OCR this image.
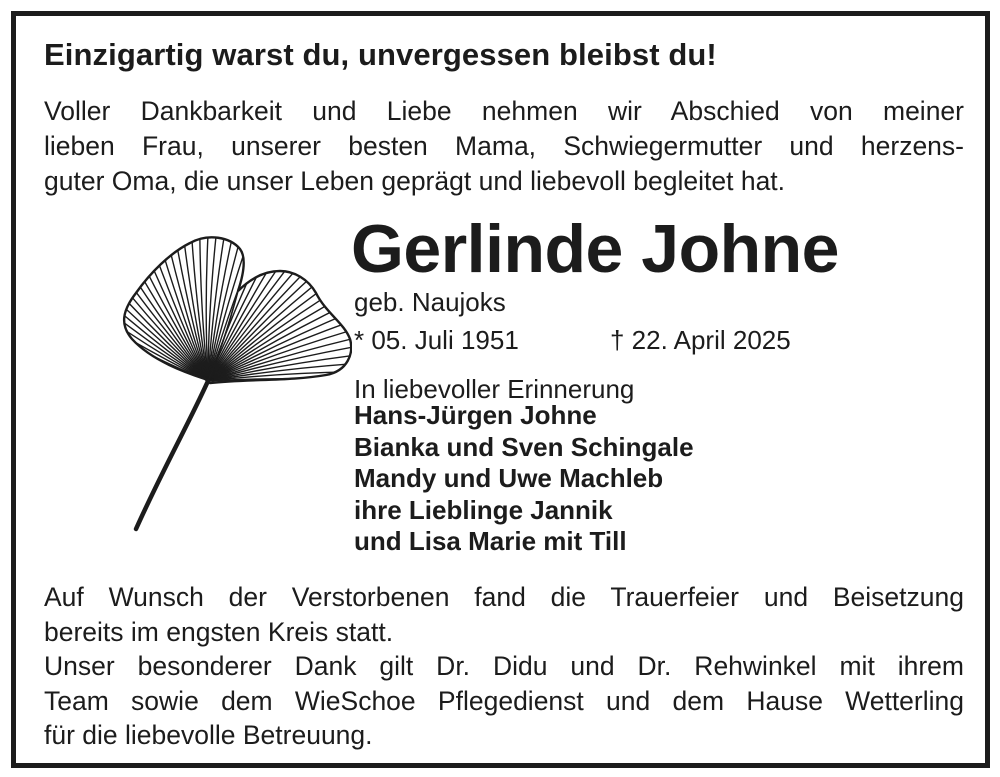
Einzigartig warst du, unvergessen bleibst du!
Voller Dankbarkeit und Liebe nehmen wir Abschied von meiner
lieben Frau, unserer besten Mama, Schwiegermutter und herzens-
guter Oma, die unser Leben geprägt und liebevoll begleitet hat.
Gerlinde Johne
geb. Naujoks
* 05. Juli 1951	† 22. April 2025
In liebevoller Erinnerung
Hans-Jürgen Johne
Bianka und Sven Schingale
Mandy und Uwe Machleb
ihre Lieblinge Jannik
und Lisa Marie mit Till
Auf Wunsch der Verstorbenen fand die Trauerfeier und Beisetzung
bereits im engsten Kreis statt.
Unser besonderer Dank gilt Dr. Didu und Dr. Rehwinkel mit ihrem
Team sowie dem WieSchoe Pflegedienst und dem Hause Wetterling
für die liebevolle Betreuung.
